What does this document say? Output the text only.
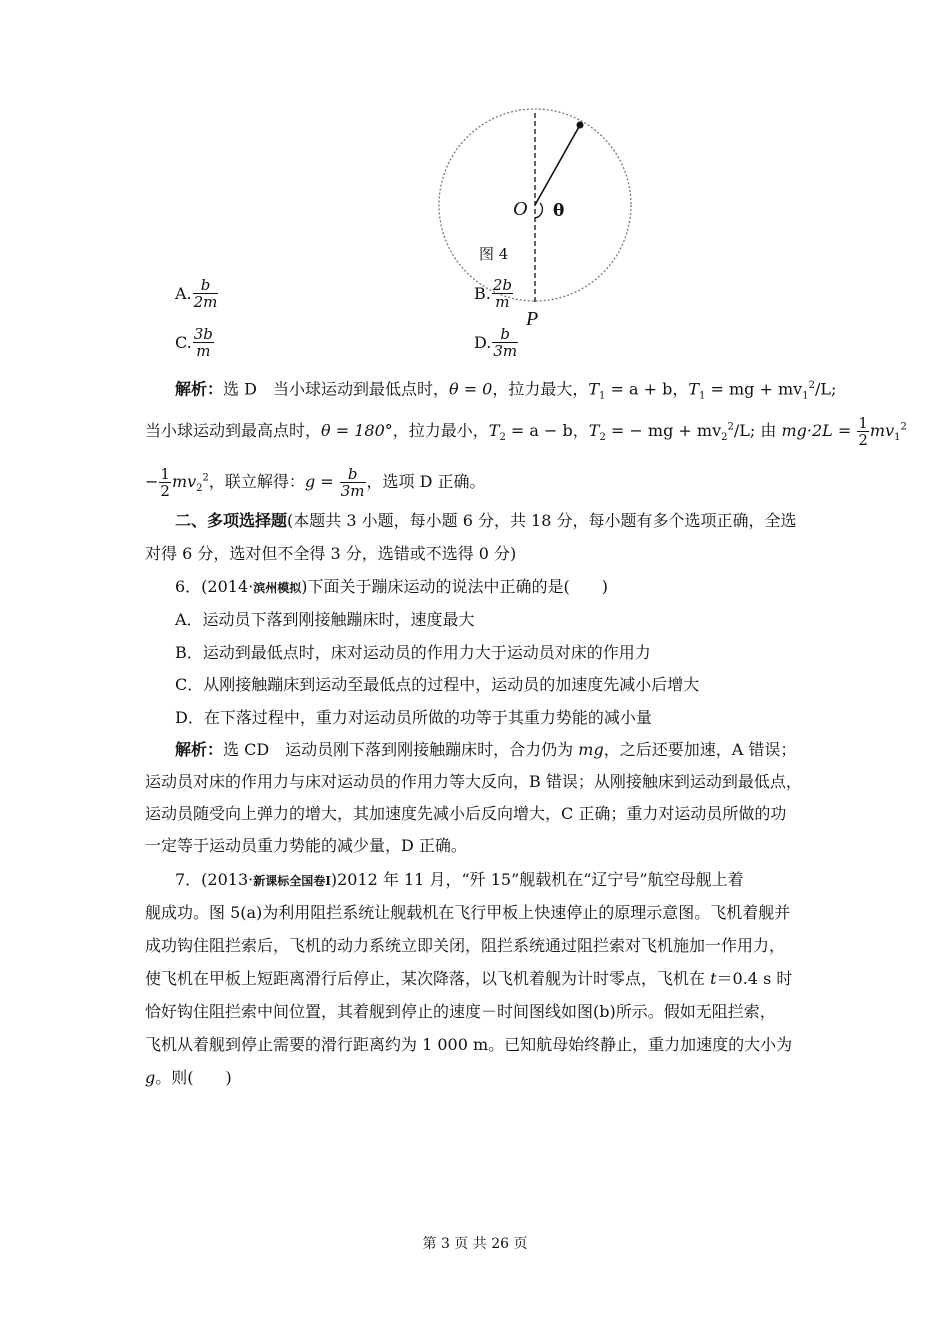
O θ
图 4
P
A. $\frac{b}{2m}$	B. $\frac{2b}{m}$
C. $\frac{3b}{m}$	D. $\frac{b}{3m}$
解析：选 D　 当小球运动到最低点时，θ = 0，拉力最大，$T_1 = a + b$，$T_1$ = mg + $mv_1^2/L$;
当小球运动到最高点时，θ = 180°，拉力最小，$T_2 = a - b$，$T_2$ = − mg + $mv_2^2/L$; 由 $mg\cdot 2L = \frac{1}{2} mv_1^2$
− $\frac{1}{2} mv_2^2$，联立解得：$g = \frac{b}{3m}$ ，选项 D 正确。
二、多项选择题(本题共 3 小题，每小题 6 分，共 18 分，每小题有多个选项正确，全选
对得 6 分，选对但不全得 3 分，选错或不选得 0 分)
6．(2014·滨州模拟)下面关于蹦床运动的说法中正确的是(　　)
A．运动员下落到刚接触蹦床时，速度最大
B．运动到最低点时，床对运动员的作用力大于运动员对床的作用力
C．从刚接触蹦床到运动至最低点的过程中，运动员的加速度先减小后增大
D．在下落过程中，重力对运动员所做的功等于其重力势能的减小量
解析：选 CD　运动员刚下落到刚接触蹦床时，合力仍为 mg，之后还要加速，A 错误；
运动员对床的作用力与床对运动员的作用力等大反向，B 错误；从刚接触床到运动到最低点，
运动员随受向上弹力的增大，其加速度先减小后反向增大，C 正确；重力对运动员所做的功
一定等于运动员重力势能的减少量，D 正确。
7．(2013·新课标全国卷Ⅰ)2012 年 11 月，“歼 15”舰载机在“辽宁号”航空母舰上着
舰成功。图 5(a)为利用阻拦系统让舰载机在飞行甲板上快速停止的原理示意图。飞机着舰并
成功钩住阻拦索后，飞机的动力系统立即关闭，阻拦系统通过阻拦索对飞机施加一作用力，
使飞机在甲板上短距离滑行后停止，某次降落，以飞机着舰为计时零点，飞机在 t＝0.4 s 时
恰好钩住阻拦索中间位置，其着舰到停止的速度－时间图线如图(b)所示。假如无阻拦索，
飞机从着舰到停止需要的滑行距离约为 1 000 m。已知航母始终静止，重力加速度的大小为
g。则(　　)
第 3 页 共 26 页
